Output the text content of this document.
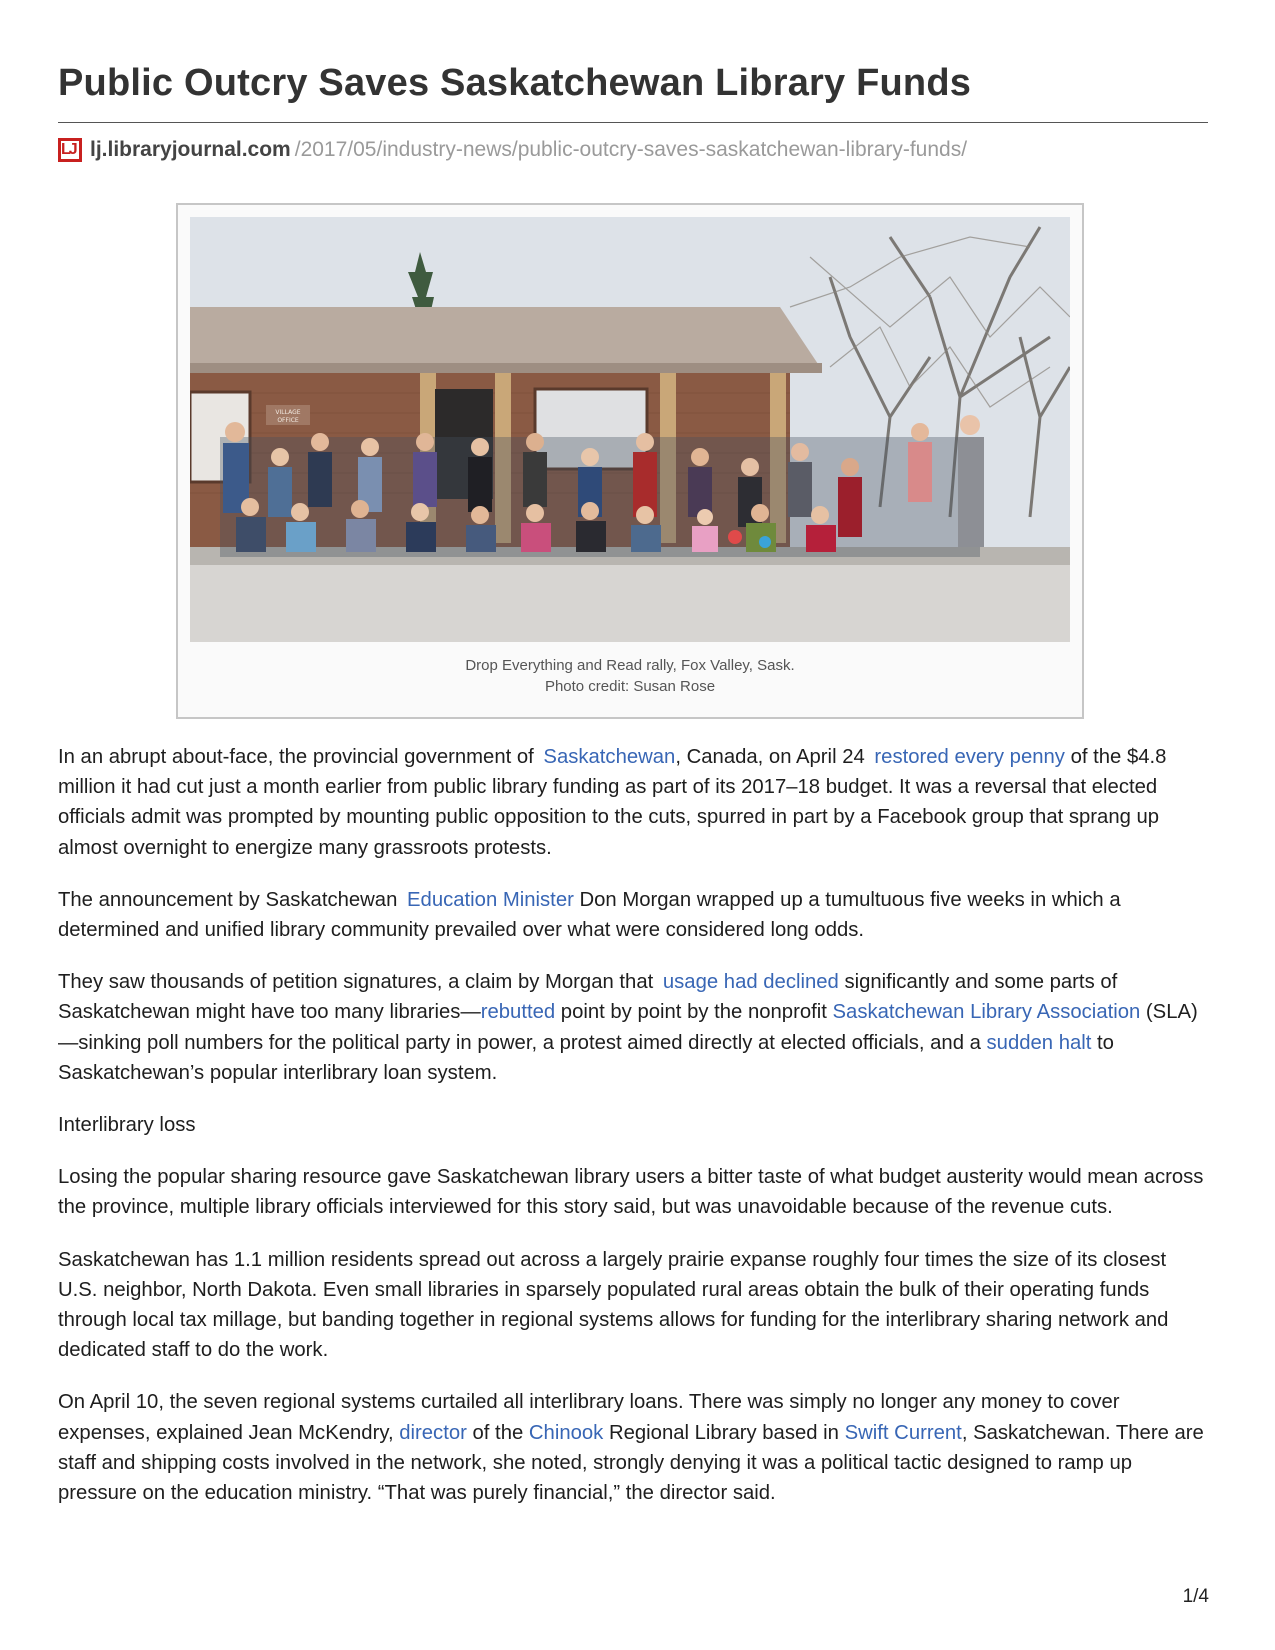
Public Outcry Saves Saskatchewan Library Funds
LJ
lj.libraryjournal.com /2017/05/industry-news/public-outcry-saves-saskatchewan-library-funds/
VILLAGE
OFFICE
Drop Everything and Read rally, Fox Valley, Sask.
Photo credit: Susan Rose

In an abrupt about-face, the provincial government of Saskatchewan, Canada, on April 24 restored every penny of the $4.8 million it had cut just a month earlier from public library funding as part of its 2017–18 budget. It was a reversal that elected officials admit was prompted by mounting public opposition to the cuts, spurred in part by a Facebook group that sprang up almost overnight to energize many grassroots protests.

The announcement by Saskatchewan Education Minister Don Morgan wrapped up a tumultuous five weeks in which a determined and unified library community prevailed over what were considered long odds.

They saw thousands of petition signatures, a claim by Morgan that usage had declined significantly and some parts of Saskatchewan might have too many libraries—rebutted point by point by the nonprofit Saskatchewan Library Association (SLA)—sinking poll numbers for the political party in power, a protest aimed directly at elected officials, and a sudden halt to Saskatchewan’s popular interlibrary loan system.

Interlibrary loss

Losing the popular sharing resource gave Saskatchewan library users a bitter taste of what budget austerity would mean across the province, multiple library officials interviewed for this story said, but was unavoidable because of the revenue cuts.

Saskatchewan has 1.1 million residents spread out across a largely prairie expanse roughly four times the size of its closest U.S. neighbor, North Dakota. Even small libraries in sparsely populated rural areas obtain the bulk of their operating funds through local tax millage, but banding together in regional systems allows for funding for the interlibrary sharing network and dedicated staff to do the work.

On April 10, the seven regional systems curtailed all interlibrary loans. There was simply no longer any money to cover expenses, explained Jean McKendry, director of the Chinook Regional Library based in Swift Current, Saskatchewan. There are staff and shipping costs involved in the network, she noted, strongly denying it was a political tactic designed to ramp up pressure on the education ministry. “That was purely financial,” the director said.

1/4
